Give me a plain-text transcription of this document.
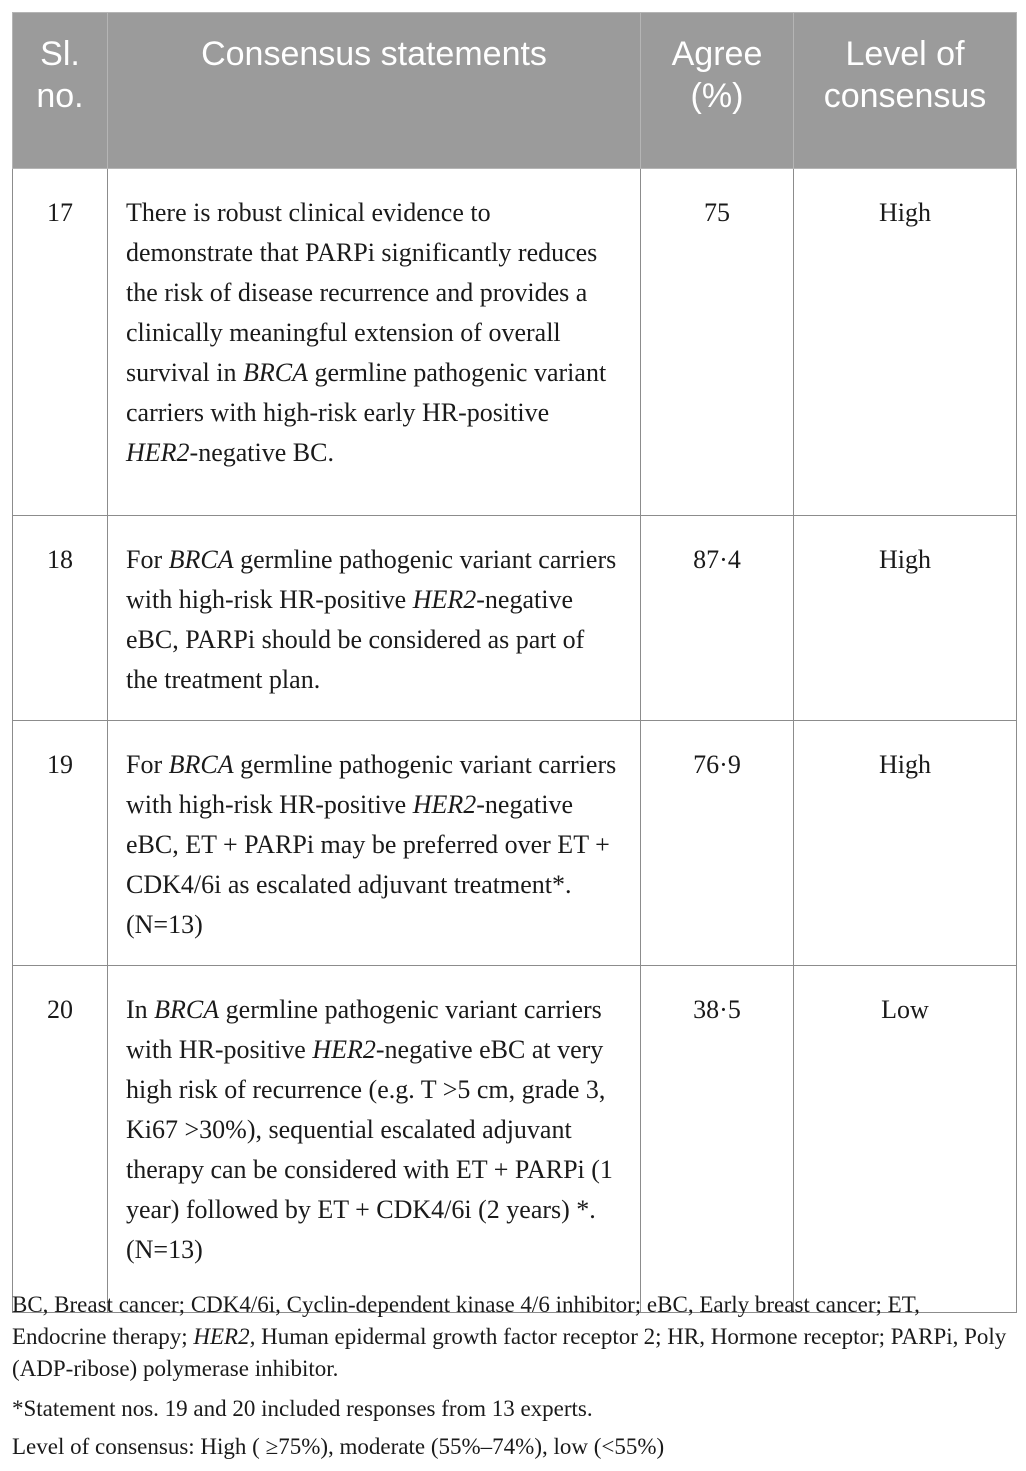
Sl. no.	Consensus statements	Agree (%)	Level of consensus
17	There is robust clinical evidence to demonstrate that PARPi significantly reduces the risk of disease recurrence and provides a clinically meaningful extension of overall survival in BRCA germline pathogenic variant carriers with high-risk early HR-positive HER2-negative BC.	75	High
18	For BRCA germline pathogenic variant carriers with high-risk HR-positive HER2-negative eBC, PARPi should be considered as part of the treatment plan.	87·4	High
19	For BRCA germline pathogenic variant carriers with high-risk HR-positive HER2-negative eBC, ET + PARPi may be preferred over ET + CDK4/6i as escalated adjuvant treatment*. (N=13)	76·9	High
20	In BRCA germline pathogenic variant carriers with HR-positive HER2-negative eBC at very high risk of recurrence (e.g. T >5 cm, grade 3, Ki67 >30%), sequential escalated adjuvant therapy can be considered with ET + PARPi (1 year) followed by ET + CDK4/6i (2 years) *. (N=13)	38·5	Low

BC, Breast cancer; CDK4/6i, Cyclin-dependent kinase 4/6 inhibitor; eBC, Early breast cancer; ET, Endocrine therapy; HER2, Human epidermal growth factor receptor 2; HR, Hormone receptor; PARPi, Poly (ADP-ribose) polymerase inhibitor.

*Statement nos. 19 and 20 included responses from 13 experts.

Level of consensus: High ( ≥75%), moderate (55%–74%), low (<55%)
